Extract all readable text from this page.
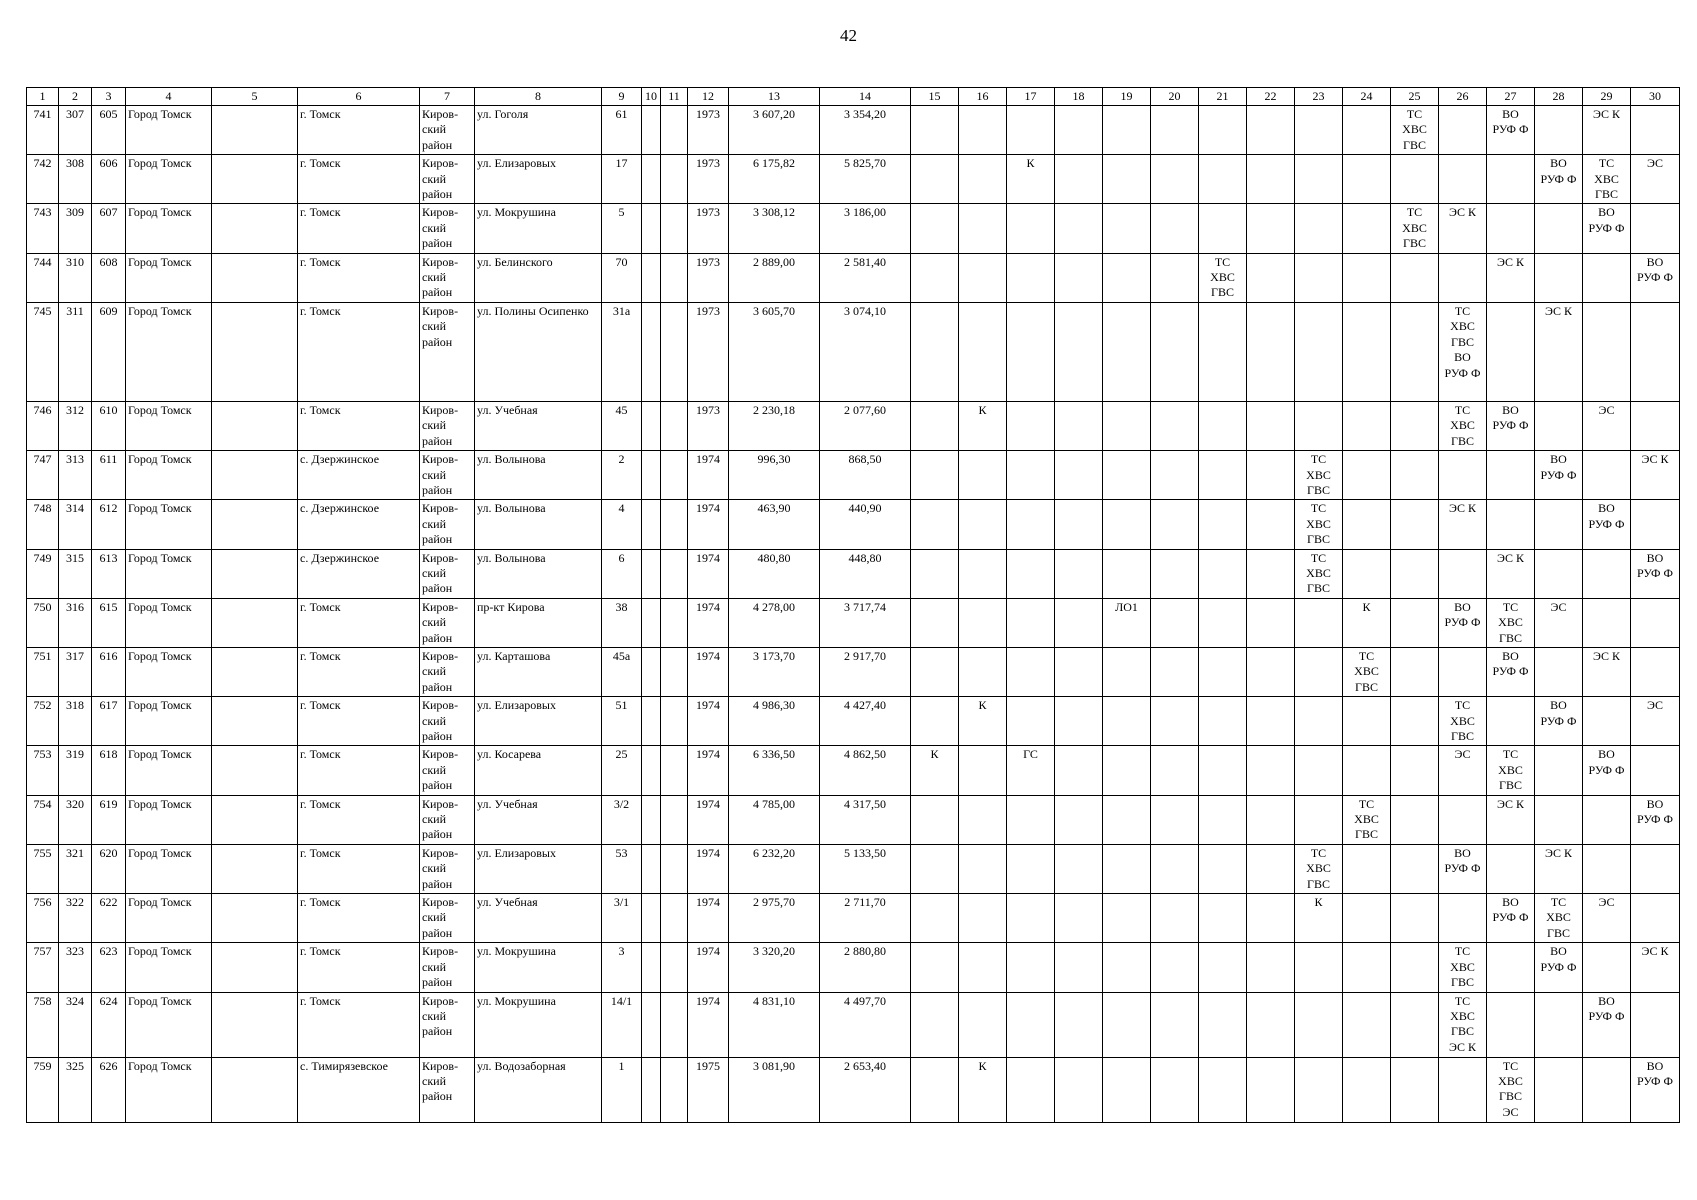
42
1	2	3	4	5	6	7	8	9	10	11	12	13	14	15	16	17	18	19	20	21	22	23	24	25	26	27	28	29	30
741	307	605	Город Томск		г. Томск	Киров-
ский
район	ул. Гоголя	61			1973	3 607,20	3 354,20											ТС
ХВС
ГВС		ВО
РУФ Ф		ЭС К	
742	308	606	Город Томск		г. Томск	Киров-
ский
район	ул. Елизаровых	17			1973	6 175,82	5 825,70			К											ВО
РУФ Ф	ТС
ХВС
ГВС	ЭС
743	309	607	Город Томск		г. Томск	Киров-
ский
район	ул. Мокрушина	5			1973	3 308,12	3 186,00											ТС
ХВС
ГВС	ЭС К			ВО
РУФ Ф	
744	310	608	Город Томск		г. Томск	Киров-
ский
район	ул. Белинского	70			1973	2 889,00	2 581,40							ТС
ХВС
ГВС						ЭС К			ВО
РУФ Ф
745	311	609	Город Томск		г. Томск	Киров-
ский
район	ул. Полины Осипенко	31а			1973	3 605,70	3 074,10												ТС
ХВС
ГВС
ВО
РУФ Ф		ЭС К		
746	312	610	Город Томск		г. Томск	Киров-
ский
район	ул. Учебная	45			1973	2 230,18	2 077,60		К										ТС
ХВС
ГВС	ВО
РУФ Ф		ЭС	
747	313	611	Город Томск		с. Дзержинское	Киров-
ский
район	ул. Волынова	2			1974	996,30	868,50									ТС
ХВС
ГВС					ВО
РУФ Ф		ЭС К
748	314	612	Город Томск		с. Дзержинское	Киров-
ский
район	ул. Волынова	4			1974	463,90	440,90									ТС
ХВС
ГВС			ЭС К			ВО
РУФ Ф	
749	315	613	Город Томск		с. Дзержинское	Киров-
ский
район	ул. Волынова	6			1974	480,80	448,80									ТС
ХВС
ГВС				ЭС К			ВО
РУФ Ф
750	316	615	Город Томск		г. Томск	Киров-
ский
район	пр-кт Кирова	38			1974	4 278,00	3 717,74					ЛО1					К		ВО
РУФ Ф	ТС
ХВС
ГВС	ЭС		
751	317	616	Город Томск		г. Томск	Киров-
ский
район	ул. Карташова	45а			1974	3 173,70	2 917,70										ТС
ХВС
ГВС			ВО
РУФ Ф		ЭС К	
752	318	617	Город Томск		г. Томск	Киров-
ский
район	ул. Елизаровых	51			1974	4 986,30	4 427,40		К										ТС
ХВС
ГВС		ВО
РУФ Ф		ЭС
753	319	618	Город Томск		г. Томск	Киров-
ский
район	ул. Косарева	25			1974	6 336,50	4 862,50	К		ГС									ЭС	ТС
ХВС
ГВС		ВО
РУФ Ф	
754	320	619	Город Томск		г. Томск	Киров-
ский
район	ул. Учебная	3/2			1974	4 785,00	4 317,50										ТС
ХВС
ГВС			ЭС К			ВО
РУФ Ф
755	321	620	Город Томск		г. Томск	Киров-
ский
район	ул. Елизаровых	53			1974	6 232,20	5 133,50									ТС
ХВС
ГВС			ВО
РУФ Ф		ЭС К		
756	322	622	Город Томск		г. Томск	Киров-
ский
район	ул. Учебная	3/1			1974	2 975,70	2 711,70									К				ВО
РУФ Ф	ТС
ХВС
ГВС	ЭС	
757	323	623	Город Томск		г. Томск	Киров-
ский
район	ул. Мокрушина	3			1974	3 320,20	2 880,80												ТС
ХВС
ГВС		ВО
РУФ Ф		ЭС К
758	324	624	Город Томск		г. Томск	Киров-
ский
район	ул. Мокрушина	14/1			1974	4 831,10	4 497,70												ТС
ХВС
ГВС
ЭС К			ВО
РУФ Ф	
759	325	626	Город Томск		с. Тимирязевское	Киров-
ский
район	ул. Водозаборная	1			1975	3 081,90	2 653,40		К											ТС
ХВС
ГВС
ЭС			ВО
РУФ Ф
